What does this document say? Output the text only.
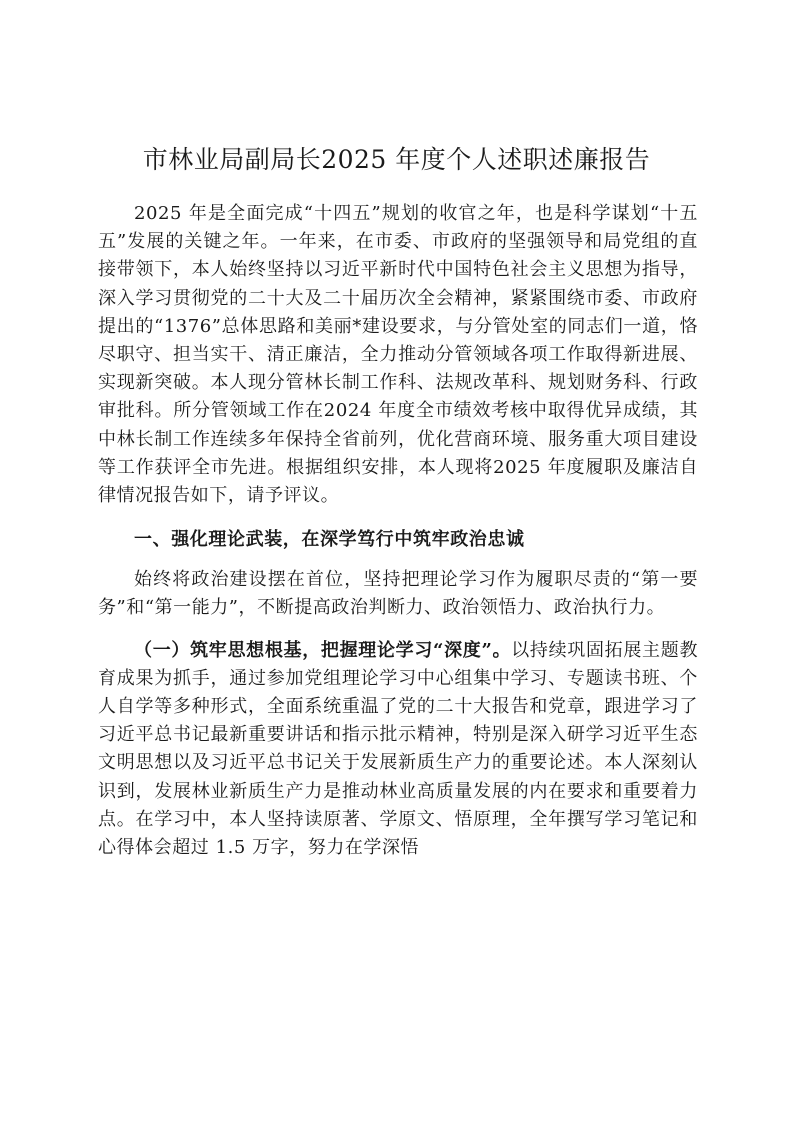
市林业局副局长2025 年度个人述职述廉报告

2025 年是全面完成“十四五”规划的收官之年，也是科学谋划“十五五”发展的关键之年。一年来，在市委、市政府的坚强领导和局党组的直接带领下，本人始终坚持以习近平新时代中国特色社会主义思想为指导，深入学习贯彻党的二十大及二十届历次全会精神，紧紧围绕市委、市政府提出的“1376”总体思路和美丽*建设要求，与分管处室的同志们一道，恪尽职守、担当实干、清正廉洁，全力推动分管领域各项工作取得新进展、实现新突破。本人现分管林长制工作科、法规改革科、规划财务科、行政审批科。所分管领域工作在2024 年度全市绩效考核中取得优异成绩，其中林长制工作连续多年保持全省前列，优化营商环境、服务重大项目建设等工作获评全市先进。根据组织安排，本人现将2025 年度履职及廉洁自律情况报告如下，请予评议。

一、强化理论武装，在深学笃行中筑牢政治忠诚

始终将政治建设摆在首位，坚持把理论学习作为履职尽责的“第一要务”和“第一能力”，不断提高政治判断力、政治领悟力、政治执行力。

（一）筑牢思想根基，把握理论学习“深度”。以持续巩固拓展主题教育成果为抓手，通过参加党组理论学习中心组集中学习、专题读书班、个人自学等多种形式，全面系统重温了党的二十大报告和党章，跟进学习了习近平总书记最新重要讲话和指示批示精神，特别是深入研学习近平生态文明思想以及习近平总书记关于发展新质生产力的重要论述。本人深刻认识到，发展林业新质生产力是推动林业高质量发展的内在要求和重要着力点。在学习中，本人坚持读原著、学原文、悟原理，全年撰写学习笔记和心得体会超过 1.5 万字，努力在学深悟
